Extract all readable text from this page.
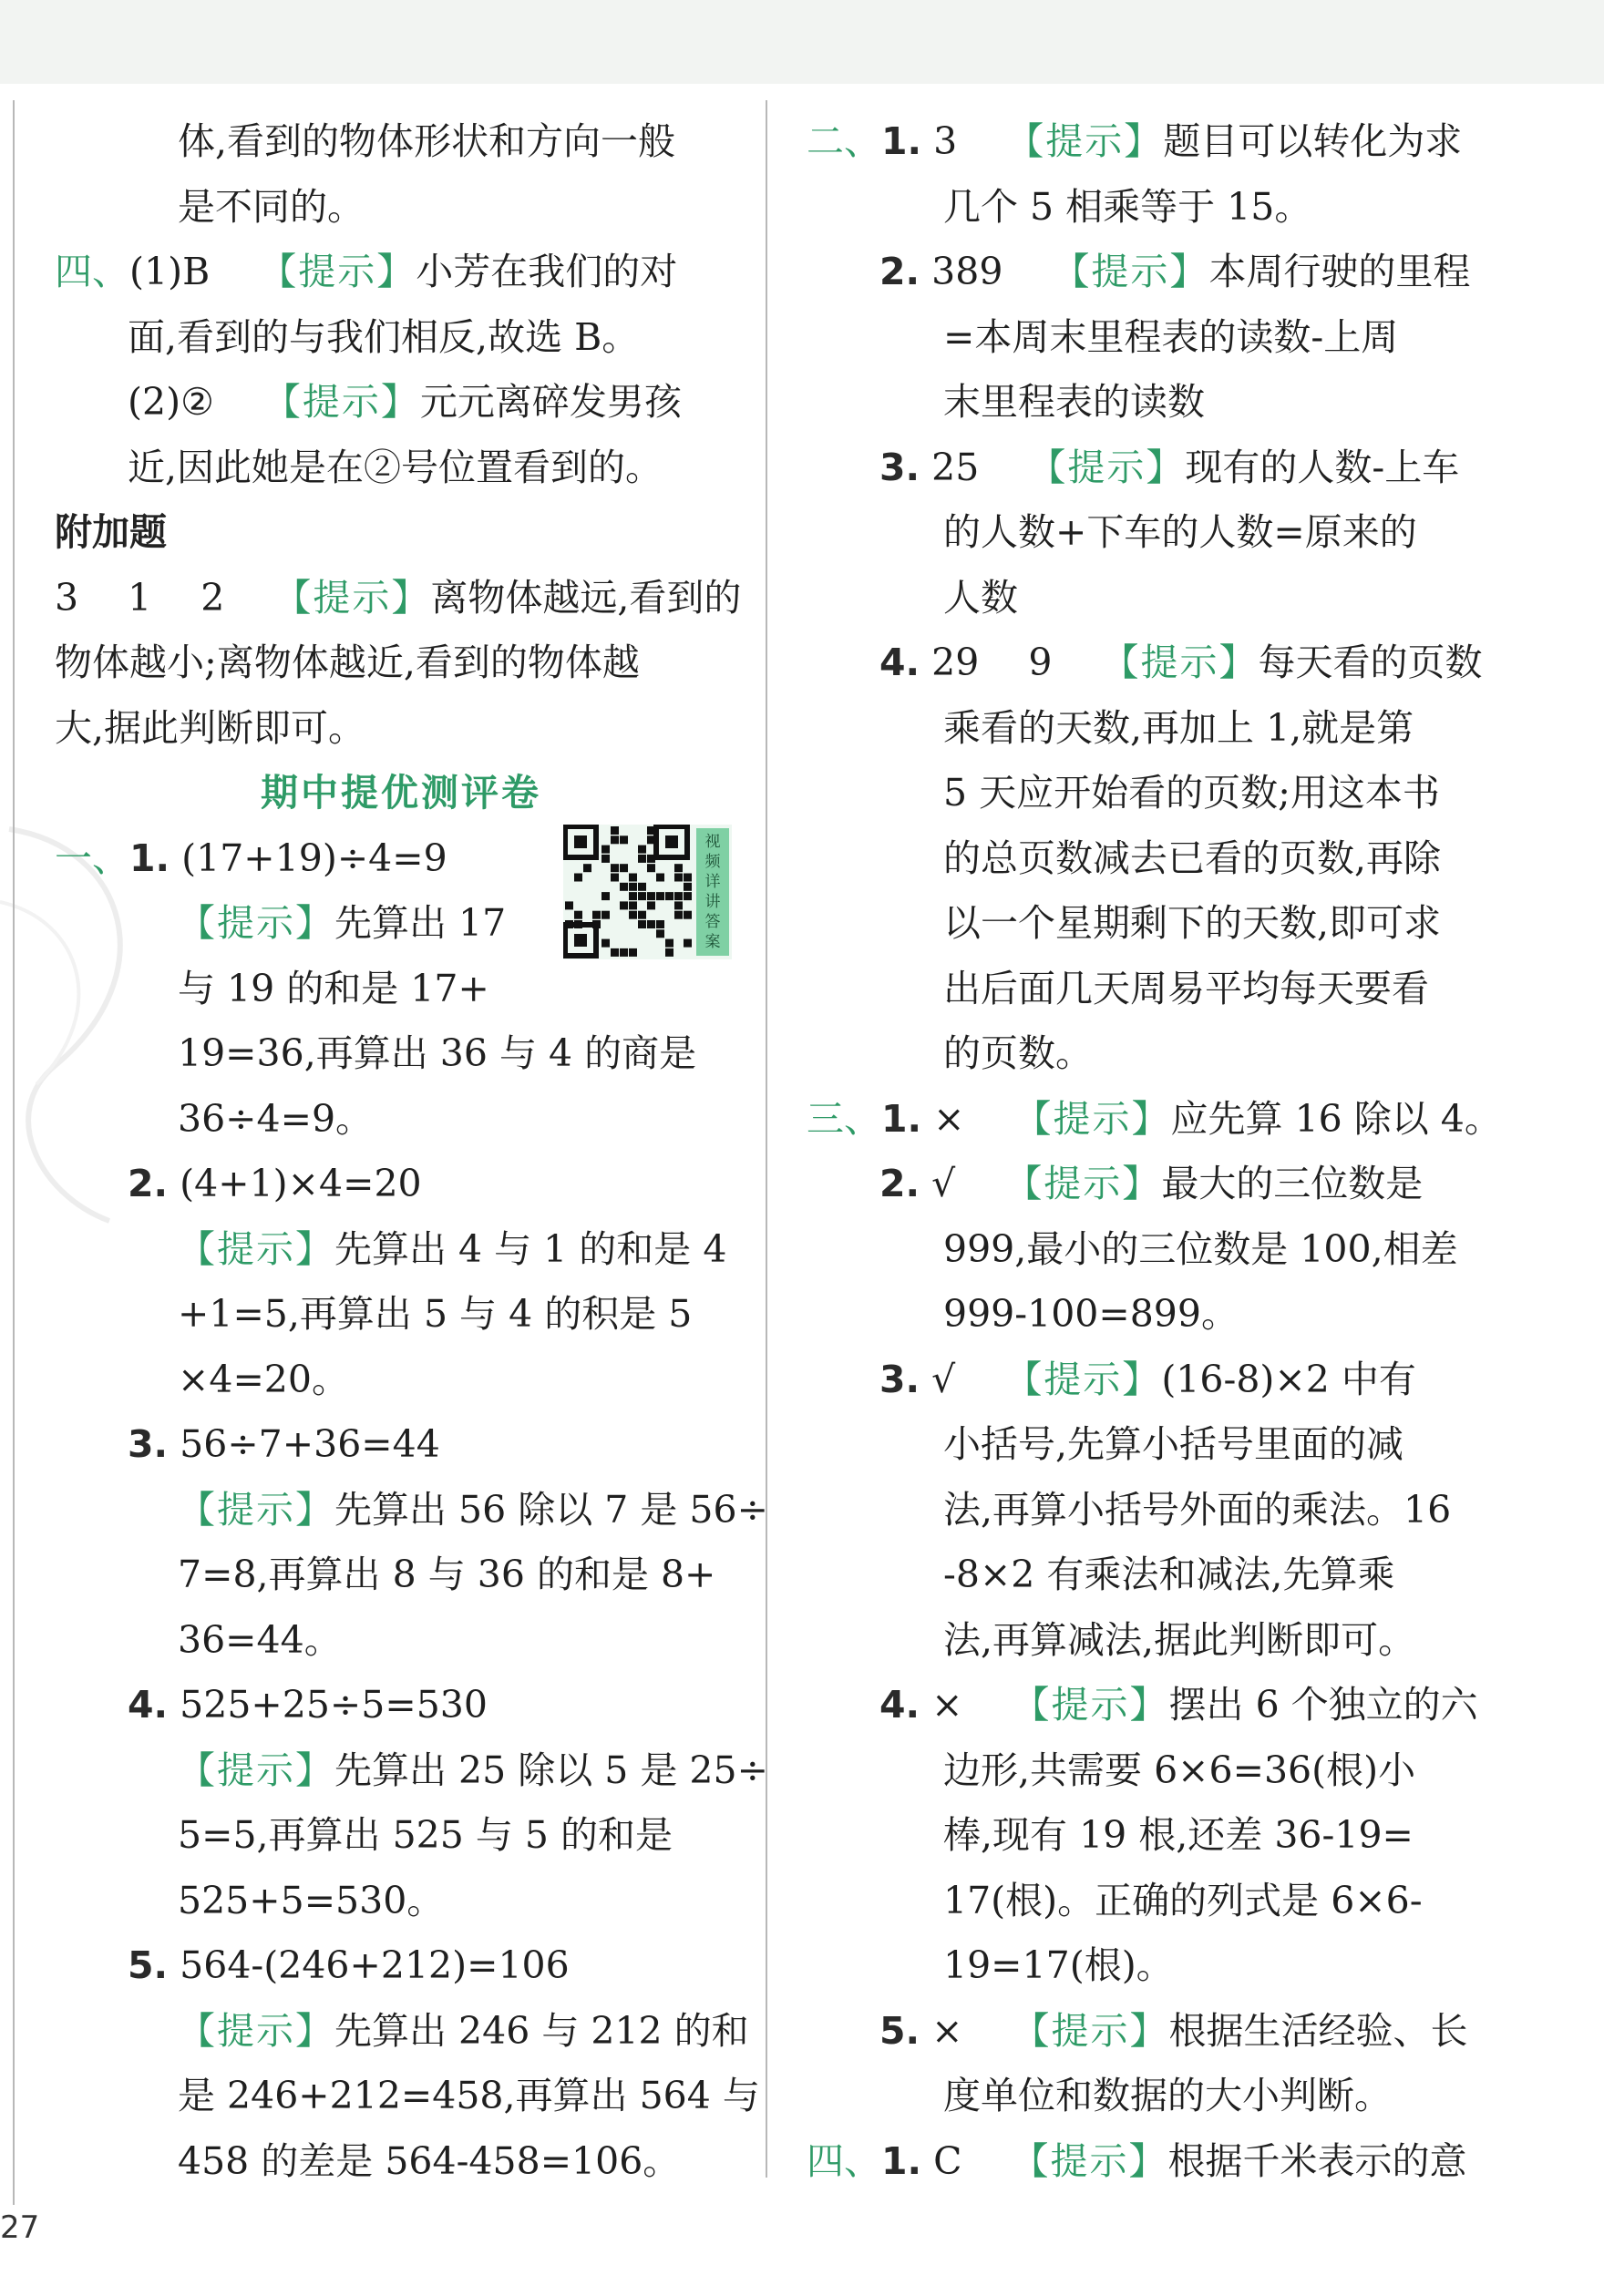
体,看到的物体形状和方向一般
是不同的。
四、(1)B　 【提示】小芳在我们的对
面,看到的与我们相反,故选 B。
(2)②　 【提示】元元离碎发男孩
近,因此她是在②号位置看到的。
附加题
3　 1　 2　 【提示】离物体越远,看到的
物体越小;离物体越近,看到的物体越
大,据此判断即可。
期中提优测评卷
一、1. (17+19)÷4=9
【提示】先算出 17
与 19 的和是 17+
19=36,再算出 36 与 4 的商是
36÷4=9。
2. (4+1)×4=20
【提示】先算出 4 与 1 的和是 4
+1=5,再算出 5 与 4 的积是 5
×4=20。
3. 56÷7+36=44
【提示】先算出 56 除以 7 是 56÷
7=8,再算出 8 与 36 的和是 8+
36=44。
4. 525+25÷5=530
【提示】先算出 25 除以 5 是 25÷
5=5,再算出 525 与 5 的和是
525+5=530。
5. 564-(246+212)=106
【提示】先算出 246 与 212 的和
是 246+212=458,再算出 564 与
458 的差是 564-458=106。
二、1. 3　 【提示】题目可以转化为求
几个 5 相乘等于 15。
2. 389　 【提示】本周行驶的里程
=本周末里程表的读数-上周
末里程表的读数
3. 25　 【提示】现有的人数-上车
的人数+下车的人数=原来的
人数
4. 29　 9　 【提示】每天看的页数
乘看的天数,再加上 1,就是第
5 天应开始看的页数;用这本书
的总页数减去已看的页数,再除
以一个星期剩下的天数,即可求
出后面几天周易平均每天要看
的页数。
三、1. ×　 【提示】应先算 16 除以 4。
2. √　 【提示】最大的三位数是
999,最小的三位数是 100,相差
999-100=899。
3. √　 【提示】(16-8)×2 中有
小括号,先算小括号里面的减
法,再算小括号外面的乘法。16
-8×2 有乘法和减法,先算乘
法,再算减法,据此判断即可。
4. ×　 【提示】摆出 6 个独立的六
边形,共需要 6×6=36(根)小
棒,现有 19 根,还差 36-19=
17(根)。正确的列式是 6×6-
19=17(根)。
5. ×　 【提示】根据生活经验、长
度单位和数据的大小判断。
四、1. C　 【提示】根据千米表示的意
视频详讲答案
27
